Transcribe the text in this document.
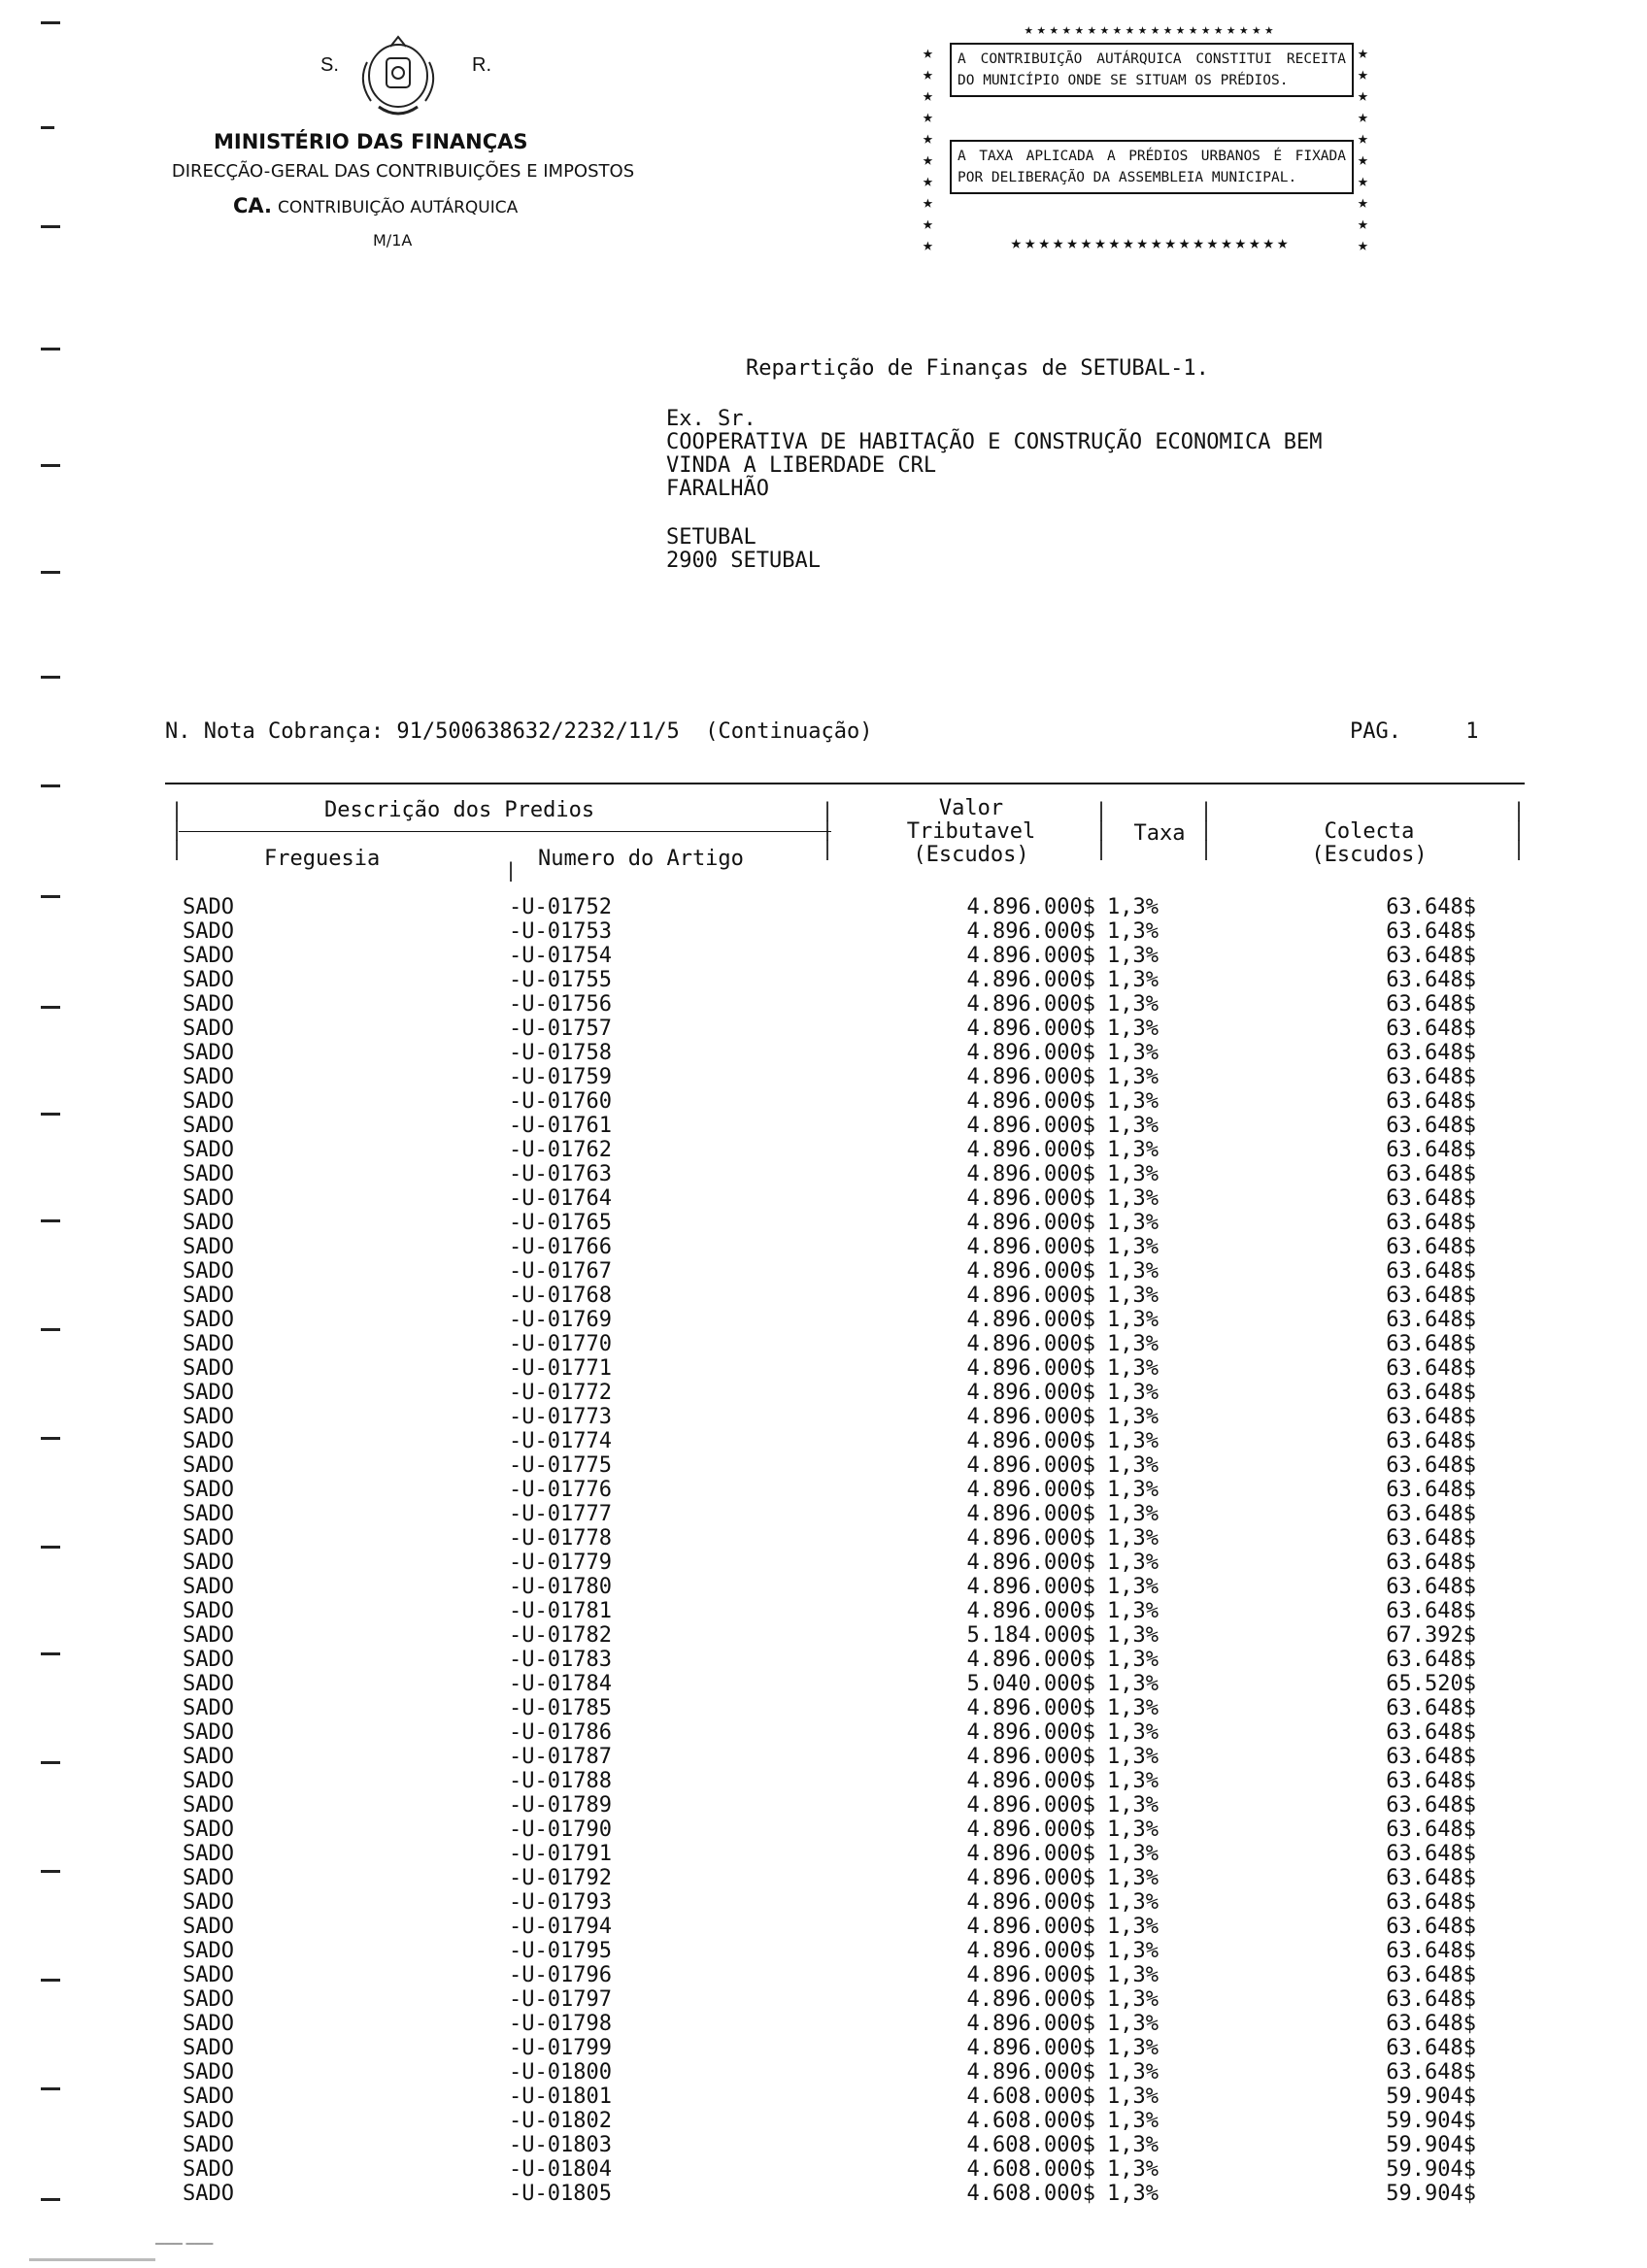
S.	R.
MINISTÉRIO DAS FINANÇAS
DIRECÇÃO-GERAL DAS CONTRIBUIÇÕES E IMPOSTOS
CA. CONTRIBUIÇÃO AUTÁRQUICA
M/1A
★★★★★★★★★★★★★★★★★★★★
★
★
★
★
★
★
★
★
★
★
★
★
★
★
★
★
★
★
★
★
A CONTRIBUIÇÃO AUTÁRQUICA CONSTITUI RECEITA DO MUNICÍPIO ONDE SE SITUAM OS PRÉDIOS.
A TAXA APLICADA A PRÉDIOS URBANOS É FIXADA POR DELIBERAÇÃO DA ASSEMBLEIA MUNICIPAL.
★★★★★★★★★★★★★★★★★★★★
Repartição de Finanças de SETUBAL-1.
Ex. Sr.
COOPERATIVA DE HABITAÇÃO E CONSTRUÇÃO ECONOMICA BEM
VINDA A LIBERDADE CRL
FARALHÃO
SETUBAL
2900 SETUBAL
N. Nota Cobrança: 91/500638632/2232/11/5  (Continuação)	PAG.	1
|
|
|
|
|
|
|
|
|
|
|
|
|
|
|
|
Descrição dos Predios
Freguesia	Numero do Artigo
Valor
Tributavel
(Escudos)
Taxa	Colecta
(Escudos)
SADO	-U-01752	4.896.000$ 1,3%	63.648$
SADO	-U-01753	4.896.000$ 1,3%	63.648$
SADO	-U-01754	4.896.000$ 1,3%	63.648$
SADO	-U-01755	4.896.000$ 1,3%	63.648$
SADO	-U-01756	4.896.000$ 1,3%	63.648$
SADO	-U-01757	4.896.000$ 1,3%	63.648$
SADO	-U-01758	4.896.000$ 1,3%	63.648$
SADO	-U-01759	4.896.000$ 1,3%	63.648$
SADO	-U-01760	4.896.000$ 1,3%	63.648$
SADO	-U-01761	4.896.000$ 1,3%	63.648$
SADO	-U-01762	4.896.000$ 1,3%	63.648$
SADO	-U-01763	4.896.000$ 1,3%	63.648$
SADO	-U-01764	4.896.000$ 1,3%	63.648$
SADO	-U-01765	4.896.000$ 1,3%	63.648$
SADO	-U-01766	4.896.000$ 1,3%	63.648$
SADO	-U-01767	4.896.000$ 1,3%	63.648$
SADO	-U-01768	4.896.000$ 1,3%	63.648$
SADO	-U-01769	4.896.000$ 1,3%	63.648$
SADO	-U-01770	4.896.000$ 1,3%	63.648$
SADO	-U-01771	4.896.000$ 1,3%	63.648$
SADO	-U-01772	4.896.000$ 1,3%	63.648$
SADO	-U-01773	4.896.000$ 1,3%	63.648$
SADO	-U-01774	4.896.000$ 1,3%	63.648$
SADO	-U-01775	4.896.000$ 1,3%	63.648$
SADO	-U-01776	4.896.000$ 1,3%	63.648$
SADO	-U-01777	4.896.000$ 1,3%	63.648$
SADO	-U-01778	4.896.000$ 1,3%	63.648$
SADO	-U-01779	4.896.000$ 1,3%	63.648$
SADO	-U-01780	4.896.000$ 1,3%	63.648$
SADO	-U-01781	4.896.000$ 1,3%	63.648$
SADO	-U-01782	5.184.000$ 1,3%	67.392$
SADO	-U-01783	4.896.000$ 1,3%	63.648$
SADO	-U-01784	5.040.000$ 1,3%	65.520$
SADO	-U-01785	4.896.000$ 1,3%	63.648$
SADO	-U-01786	4.896.000$ 1,3%	63.648$
SADO	-U-01787	4.896.000$ 1,3%	63.648$
SADO	-U-01788	4.896.000$ 1,3%	63.648$
SADO	-U-01789	4.896.000$ 1,3%	63.648$
SADO	-U-01790	4.896.000$ 1,3%	63.648$
SADO	-U-01791	4.896.000$ 1,3%	63.648$
SADO	-U-01792	4.896.000$ 1,3%	63.648$
SADO	-U-01793	4.896.000$ 1,3%	63.648$
SADO	-U-01794	4.896.000$ 1,3%	63.648$
SADO	-U-01795	4.896.000$ 1,3%	63.648$
SADO	-U-01796	4.896.000$ 1,3%	63.648$
SADO	-U-01797	4.896.000$ 1,3%	63.648$
SADO	-U-01798	4.896.000$ 1,3%	63.648$
SADO	-U-01799	4.896.000$ 1,3%	63.648$
SADO	-U-01800	4.896.000$ 1,3%	63.648$
SADO	-U-01801	4.608.000$ 1,3%	59.904$
SADO	-U-01802	4.608.000$ 1,3%	59.904$
SADO	-U-01803	4.608.000$ 1,3%	59.904$
SADO	-U-01804	4.608.000$ 1,3%	59.904$
SADO	-U-01805	4.608.000$ 1,3%	59.904$
▁▁▁ ▁▁▁
